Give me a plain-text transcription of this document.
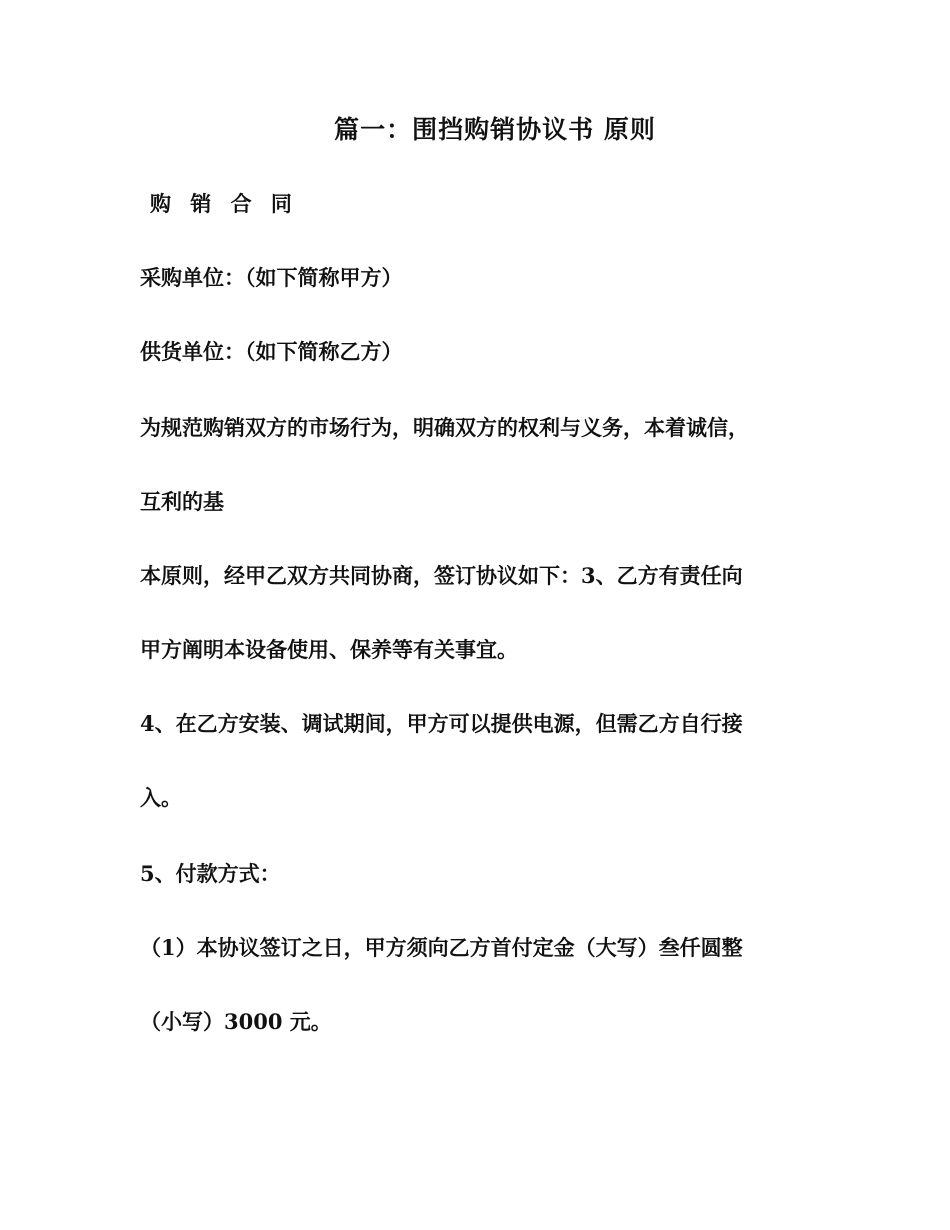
篇一：围挡购销协议书 原则
购 销 合 同
采购单位：（如下简称甲方）
供货单位：（如下简称乙方）
为规范购销双方的市场行为，明确双方的权利与义务，本着诚信，
互利的基
本原则，经甲乙双方共同协商，签订协议如下：3、乙方有责任向
甲方阐明本设备使用、保养等有关事宜。
4、在乙方安装、调试期间，甲方可以提供电源，但需乙方自行接
入。
5、付款方式：
（1）本协议签订之日，甲方须向乙方首付定金（大写）叁仟圆整
（小写）3000 元。
